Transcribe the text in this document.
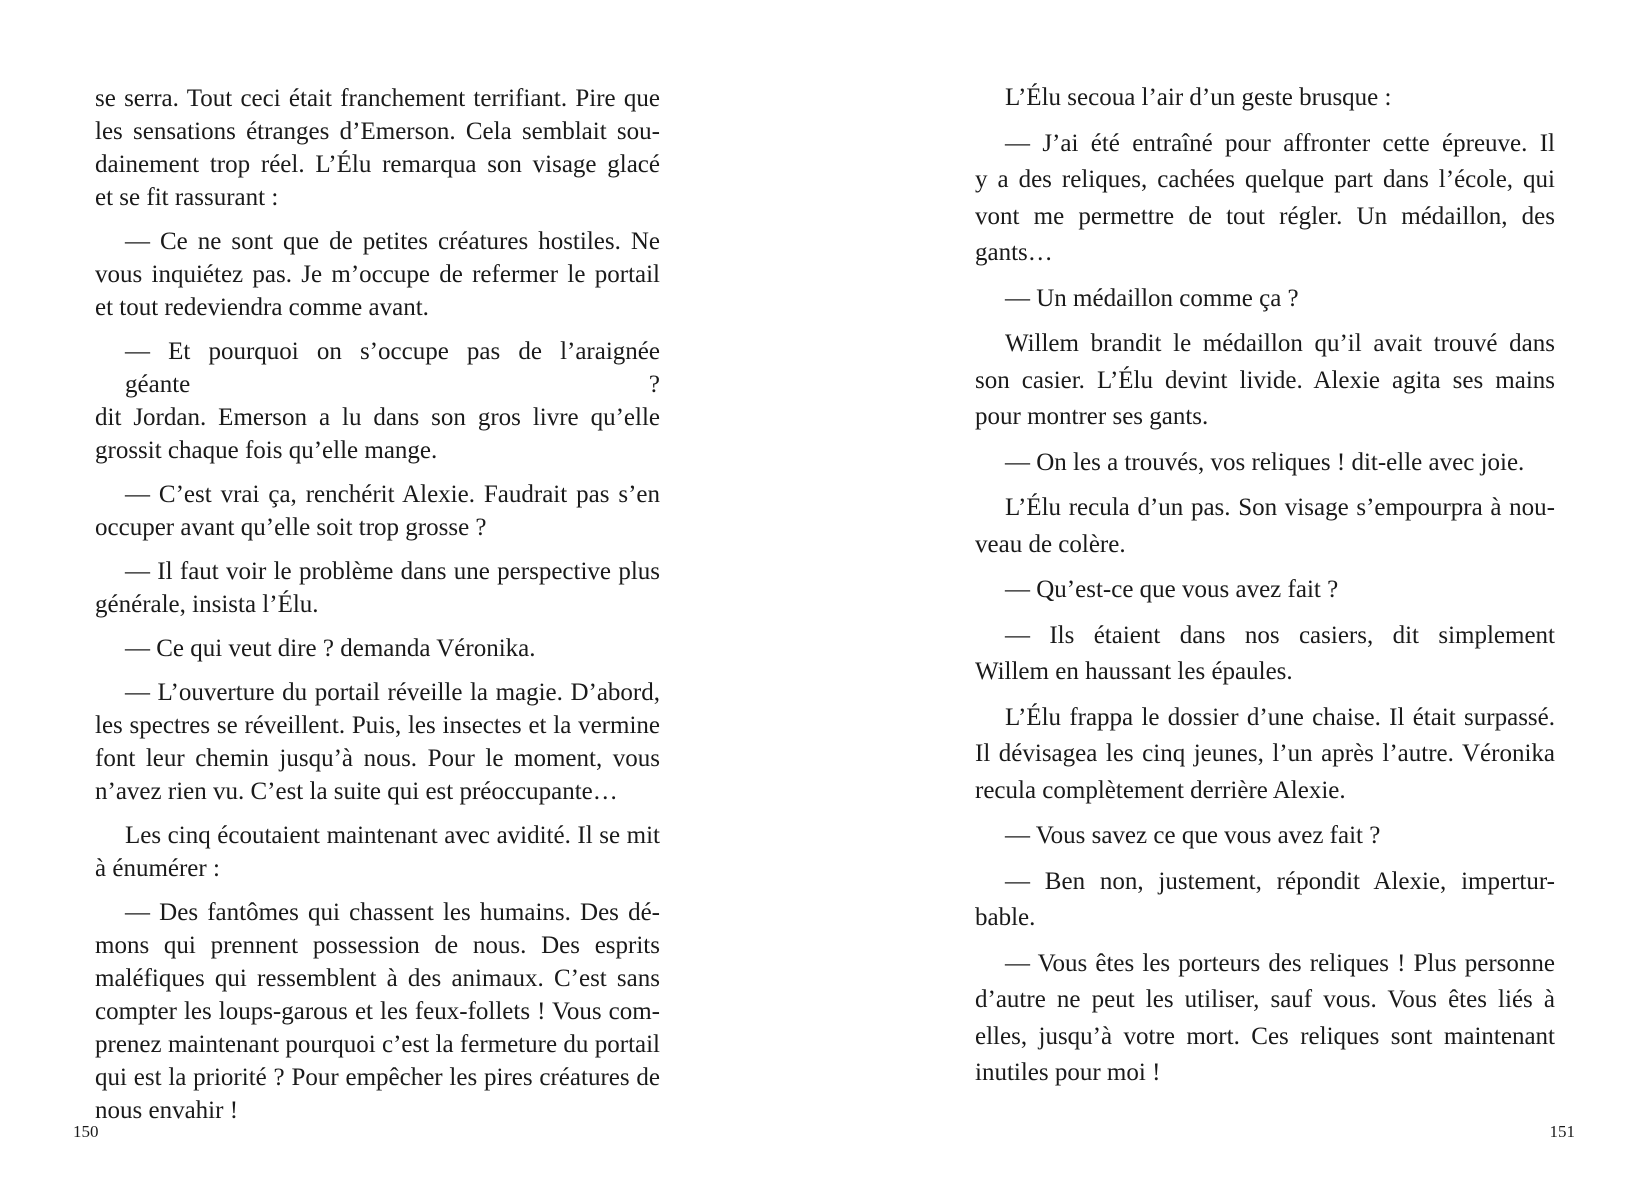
se serra. Tout ceci était franchement terrifiant. Pire que
les sensations étranges d’Emerson. Cela semblait sou-
dainement trop réel. L’Élu remarqua son visage glacé
et se fit rassurant :
— Ce ne sont que de petites créatures hostiles. Ne
vous inquiétez pas. Je m’occupe de refermer le portail
et tout redeviendra comme avant.
— Et pourquoi on s’occupe pas de l’araignée géante ?
dit Jordan. Emerson a lu dans son gros livre qu’elle
grossit chaque fois qu’elle mange.
— C’est vrai ça, renchérit Alexie. Faudrait pas s’en
occuper avant qu’elle soit trop grosse ?
— Il faut voir le problème dans une perspective plus
générale, insista l’Élu.
— Ce qui veut dire ? demanda Véronika.
— L’ouverture du portail réveille la magie. D’abord,
les spectres se réveillent. Puis, les insectes et la vermine
font leur chemin jusqu’à nous. Pour le moment, vous
n’avez rien vu. C’est la suite qui est préoccupante…
Les cinq écoutaient maintenant avec avidité. Il se mit
à énumérer :
— Des fantômes qui chassent les humains. Des dé-
mons qui prennent possession de nous. Des esprits
maléfiques qui ressemblent à des animaux. C’est sans
compter les loups-garous et les feux-follets ! Vous com-
prenez maintenant pourquoi c’est la fermeture du portail
qui est la priorité ? Pour empêcher les pires créatures de
nous envahir !
150
L’Élu secoua l’air d’un geste brusque :
— J’ai été entraîné pour affronter cette épreuve. Il
y a des reliques, cachées quelque part dans l’école, qui
vont me permettre de tout régler. Un médaillon, des
gants…
— Un médaillon comme ça ?
Willem brandit le médaillon qu’il avait trouvé dans
son casier. L’Élu devint livide. Alexie agita ses mains
pour montrer ses gants.
— On les a trouvés, vos reliques ! dit-elle avec joie.
L’Élu recula d’un pas. Son visage s’empourpra à nou-
veau de colère.
— Qu’est-ce que vous avez fait ?
— Ils étaient dans nos casiers, dit simplement
Willem en haussant les épaules.
L’Élu frappa le dossier d’une chaise. Il était surpassé.
Il dévisagea les cinq jeunes, l’un après l’autre. Véronika
recula complètement derrière Alexie.
— Vous savez ce que vous avez fait ?
— Ben non, justement, répondit Alexie, impertur-
bable.
— Vous êtes les porteurs des reliques ! Plus personne
d’autre ne peut les utiliser, sauf vous. Vous êtes liés à
elles, jusqu’à votre mort. Ces reliques sont maintenant
inutiles pour moi !
151
